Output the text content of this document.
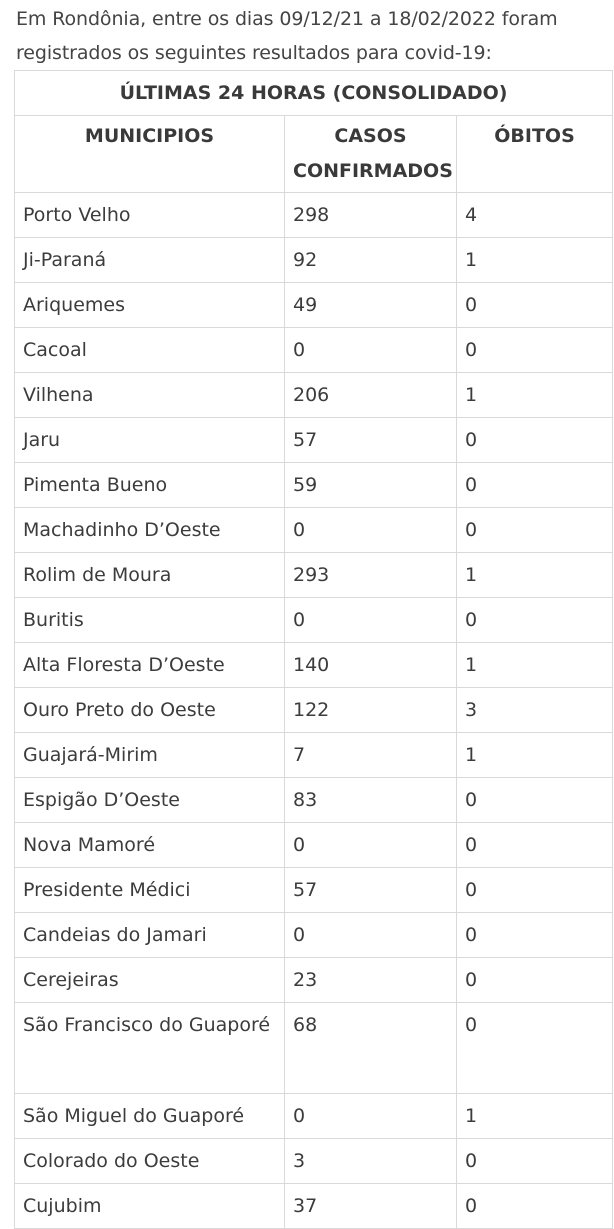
Em Rondônia, entre os dias 09/12/21 a 18/02/2022 foram registrados os seguintes resultados para covid-19:

ÚLTIMAS 24 HORAS (CONSOLIDADO)		
MUNICIPIOS	CASOS CONFIRMADOS	ÓBITOS
Porto Velho	298	4
Ji-Paraná	92	1
Ariquemes	49	0
Cacoal	0	0
Vilhena	206	1
Jaru	57	0
Pimenta Bueno	59	0
Machadinho D’Oeste	0	0
Rolim de Moura	293	1
Buritis	0	0
Alta Floresta D’Oeste	140	1
Ouro Preto do Oeste	122	3
Guajará-Mirim	7	1
Espigão D’Oeste	83	0
Nova Mamoré	0	0
Presidente Médici	57	0
Candeias do Jamari	0	0
Cerejeiras	23	0
São Francisco do Guaporé	68	0
São Miguel do Guaporé	0	1
Colorado do Oeste	3	0
Cujubim	37	0
